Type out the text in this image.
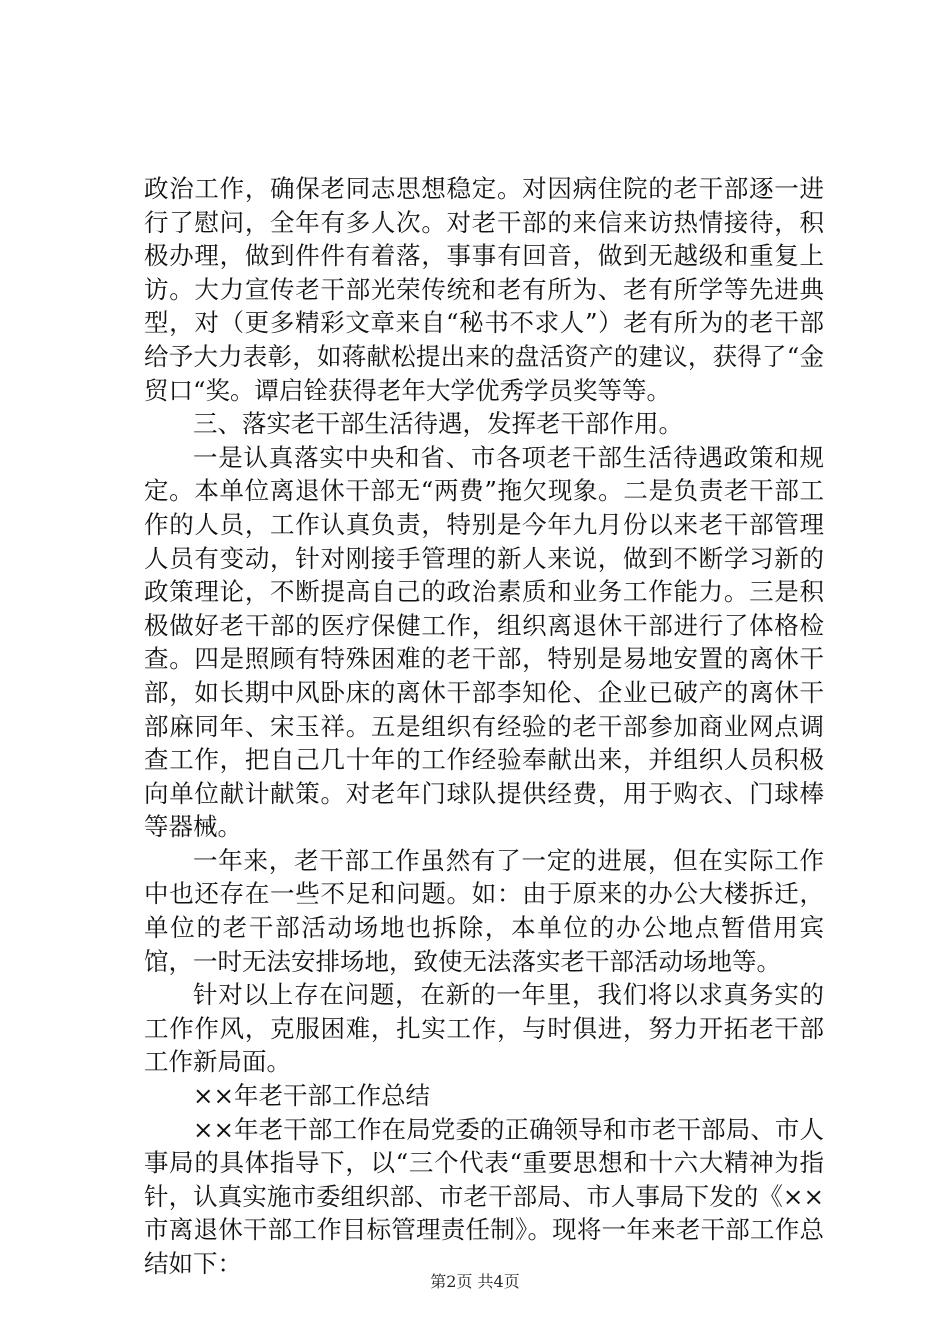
政治工作，确保老同志思想稳定。对因病住院的老干部逐一进行了慰问，全年有多人次。对老干部的来信来访热情接待，积极办理，做到件件有着落，事事有回音，做到无越级和重复上访。大力宣传老干部光荣传统和老有所为、老有所学等先进典型，对（更多精彩文章来自“秘书不求人”）老有所为的老干部给予大力表彰，如蒋献松提出来的盘活资产的建议，获得了“金贸口“奖。谭启铨获得老年大学优秀学员奖等等。

三、落实老干部生活待遇，发挥老干部作用。

一是认真落实中央和省、市各项老干部生活待遇政策和规定。本单位离退休干部无“两费”拖欠现象。二是负责老干部工作的人员，工作认真负责，特别是今年九月份以来老干部管理人员有变动，针对刚接手管理的新人来说，做到不断学习新的政策理论，不断提高自己的政治素质和业务工作能力。三是积极做好老干部的医疗保健工作，组织离退休干部进行了体格检查。四是照顾有特殊困难的老干部，特别是易地安置的离休干部，如长期中风卧床的离休干部李知伦、企业已破产的离休干部麻同年、宋玉祥。五是组织有经验的老干部参加商业网点调查工作，把自己几十年的工作经验奉献出来，并组织人员积极向单位献计献策。对老年门球队提供经费，用于购衣、门球棒等器械。

一年来，老干部工作虽然有了一定的进展，但在实际工作中也还存在一些不足和问题。如：由于原来的办公大楼拆迁，单位的老干部活动场地也拆除，本单位的办公地点暂借用宾馆，一时无法安排场地，致使无法落实老干部活动场地等。

针对以上存在问题，在新的一年里，我们将以求真务实的工作作风，克服困难，扎实工作，与时俱进，努力开拓老干部工作新局面。

××年老干部工作总结

××年老干部工作在局党委的正确领导和市老干部局、市人事局的具体指导下，以“三个代表“重要思想和十六大精神为指针，认真实施市委组织部、市老干部局、市人事局下发的《××市离退休干部工作目标管理责任制》。现将一年来老干部工作总结如下：

第2页 共4页
